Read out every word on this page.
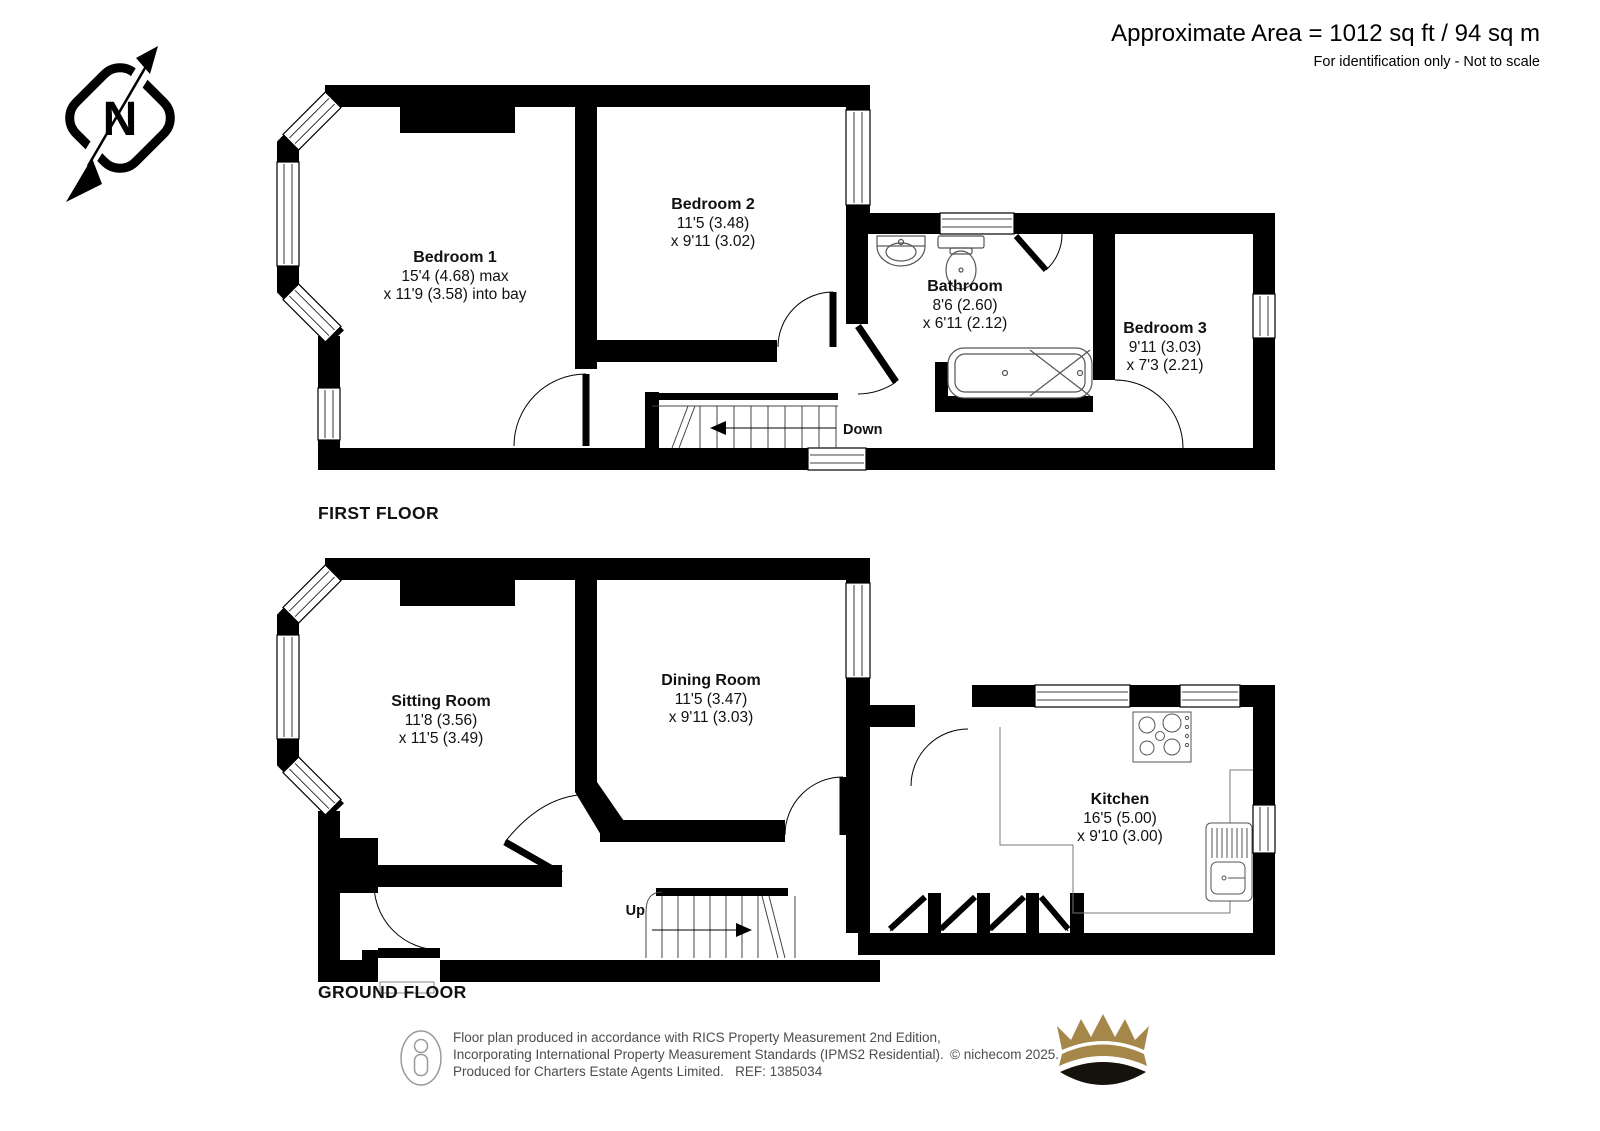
N
Approximate Area = 1012 sq ft / 94 sq m
For identification only - Not to scale
Bedroom 1
15'4 (4.68) max
x 11'9 (3.58) into bay
Bedroom 2
11'5 (3.48)
x 9'11 (3.02)
Bathroom
8'6 (2.60)
x 6'11 (2.12)	Bedroom 3
9'11 (3.03)
x 7'3 (2.21)
Down
FIRST FLOOR
Sitting Room
11'8 (3.56)
x 11'5 (3.49)
Dining Room
11'5 (3.47)
x 9'11 (3.03)
Kitchen
16'5 (5.00)
x 9'10 (3.00)
Up
GROUND FLOOR
Floor plan produced in accordance with RICS Property Measurement 2nd Edition,
Incorporating International Property Measurement Standards (IPMS2 Residential).
Produced for Charters Estate Agents Limited.   REF: 1385034
© nichecom 2025.
